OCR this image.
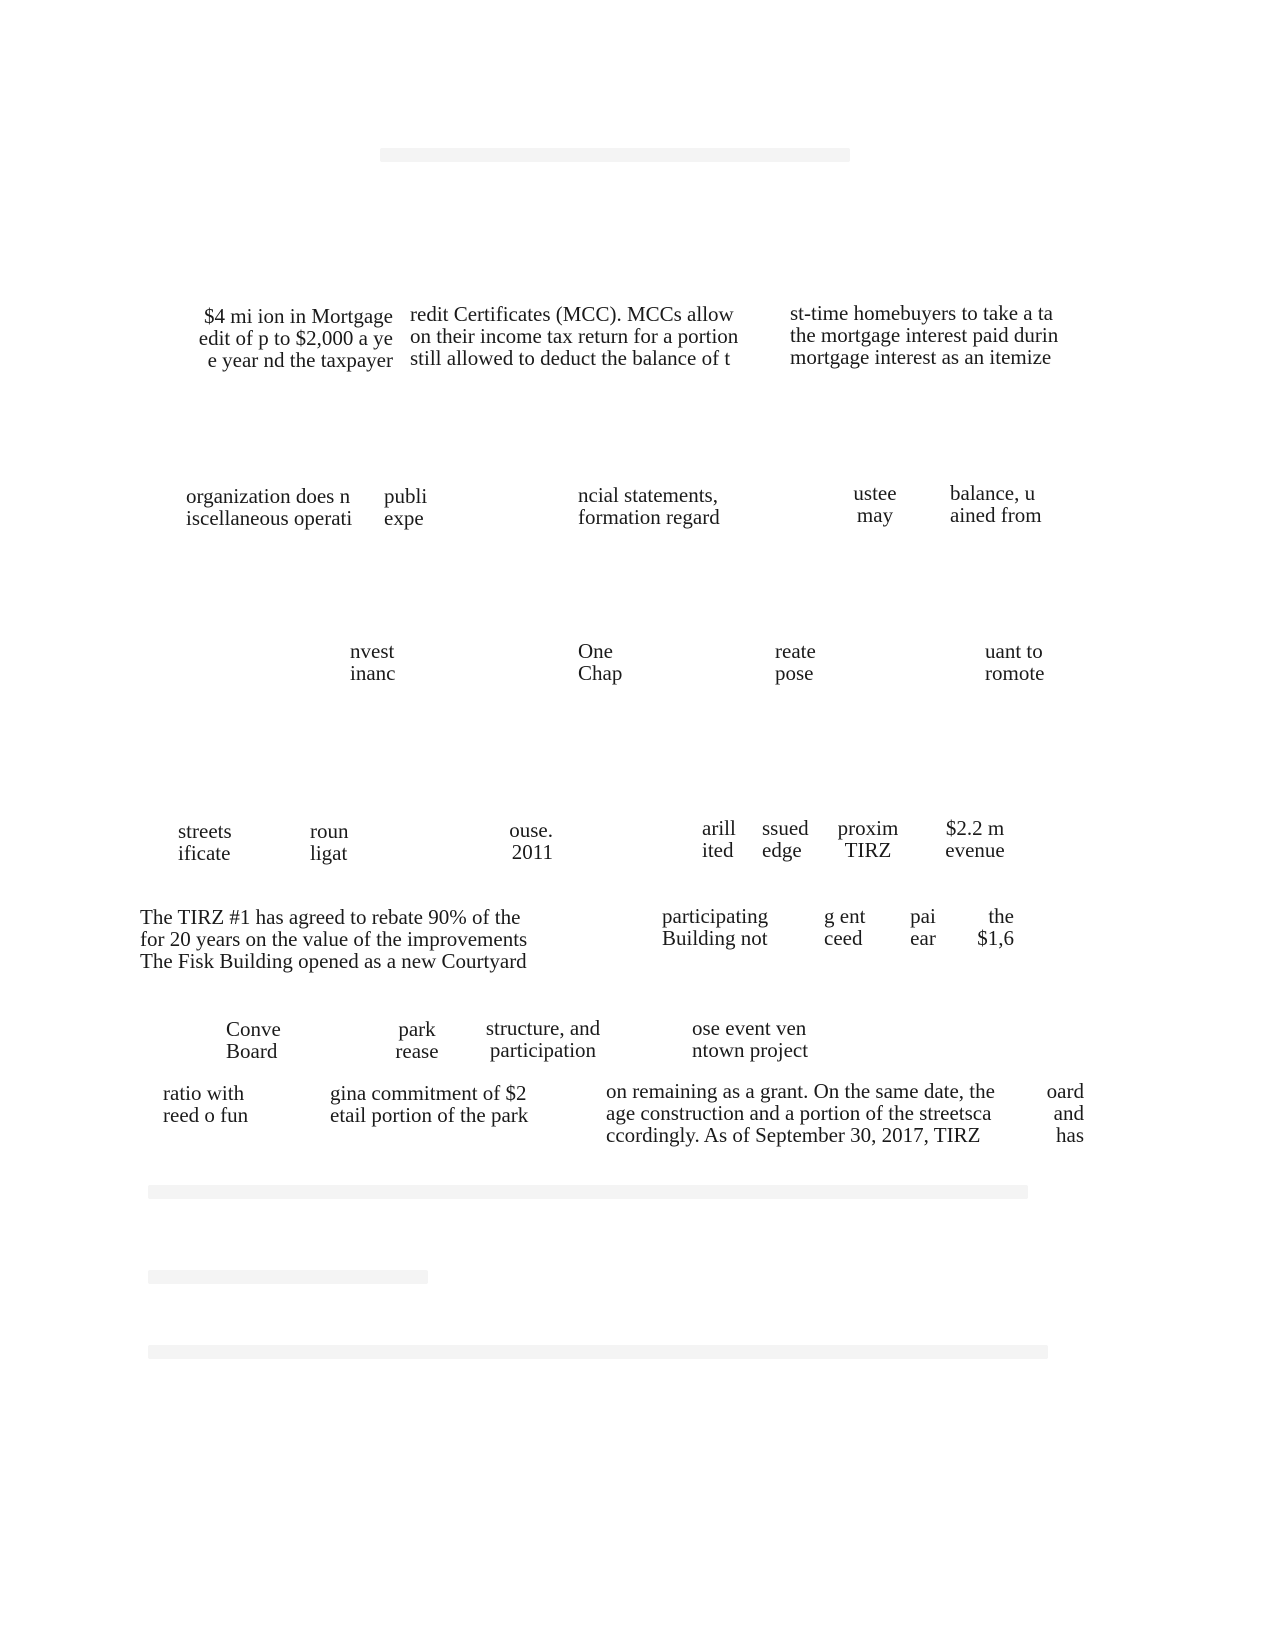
$4 mi ion in Mortgage
edit of p to $2,000 a ye
e year nd the taxpayer
redit Certificates (MCC). MCCs allow
on their income tax return for a portion
still allowed to deduct the balance of t
st-time homebuyers to take a ta
the mortgage interest paid durin
mortgage interest as an itemize
organization does n
iscellaneous operati
publi
expe
ncial statements,
formation regard
ustee
may
balance, u
ained from
nvest
inanc
One
Chap
reate
pose
uant to
romote
streets
ificate
roun
ligat
ouse.
2011
arill
ited
ssued
edge
proxim
TIRZ
$2.2 m
evenue
The TIRZ #1 has agreed to rebate 90% of the
for 20 years on the value of the improvements
The Fisk Building opened as a new Courtyard
participating
Building not
g ent
ceed
pai
ear
the
$1,6
Conve
Board
park
rease
structure, and
participation
ose event ven
ntown project
ratio with
reed o fun
gina commitment of $2
etail portion of the park
on remaining as a grant. On the same date, the
age construction and a portion of the streetsca
ccordingly. As of September 30, 2017, TIRZ
oard
and
has
